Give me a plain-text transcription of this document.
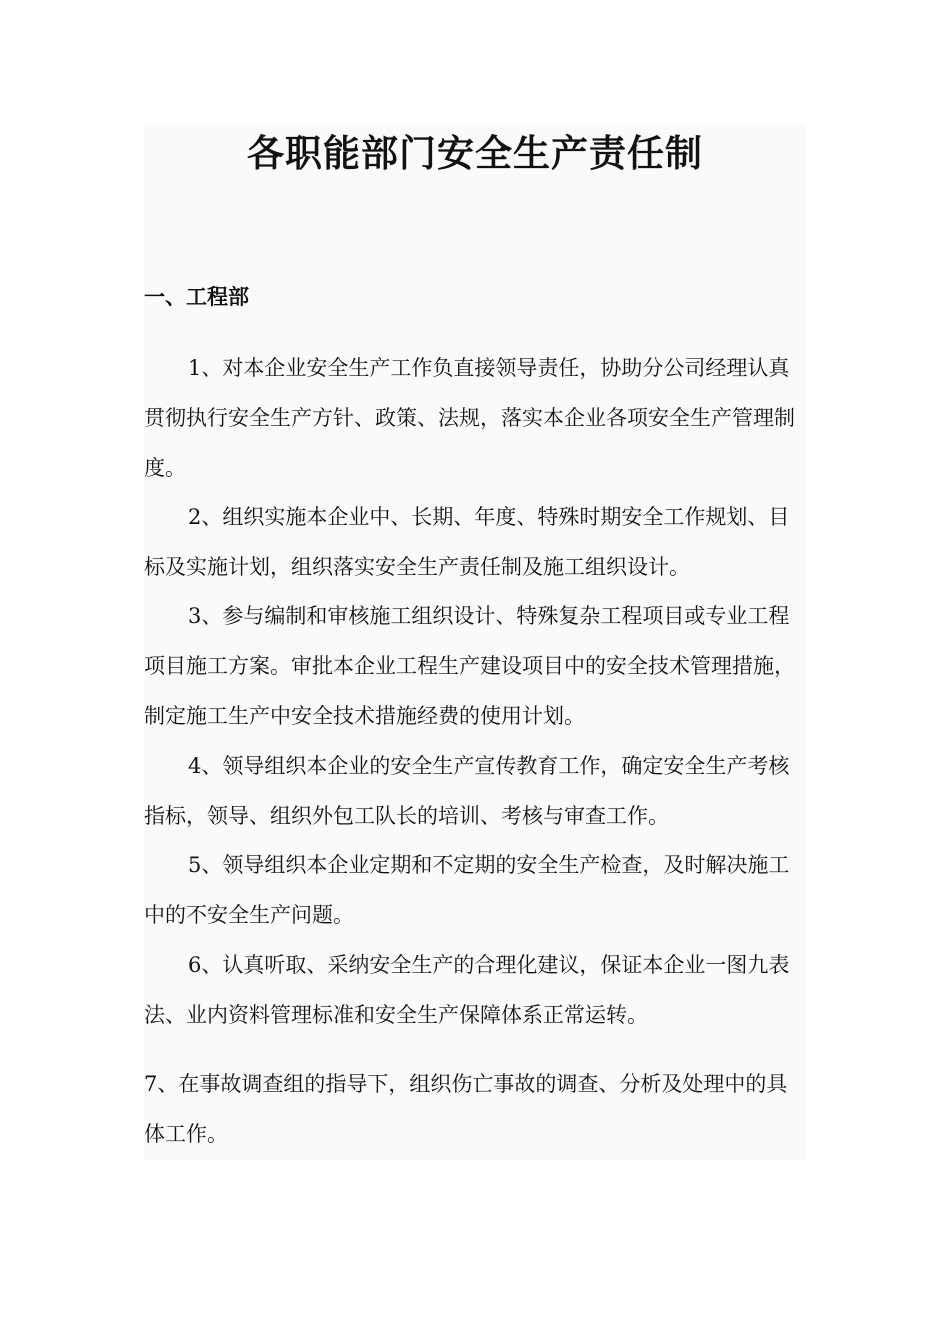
各职能部门安全生产责任制
一、工程部

1、对本企业安全生产工作负直接领导责任，协助分公司经理认真贯彻执行安全生产方针、政策、法规，落实本企业各项安全生产管理制度。

2、组织实施本企业中、长期、年度、特殊时期安全工作规划、目标及实施计划，组织落实安全生产责任制及施工组织设计。

3、参与编制和审核施工组织设计、特殊复杂工程项目或专业工程项目施工方案。审批本企业工程生产建设项目中的安全技术管理措施，制定施工生产中安全技术措施经费的使用计划。

4、领导组织本企业的安全生产宣传教育工作，确定安全生产考核指标，领导、组织外包工队长的培训、考核与审查工作。

5、领导组织本企业定期和不定期的安全生产检查，及时解决施工中的不安全生产问题。

6、认真听取、采纳安全生产的合理化建议，保证本企业一图九表法、业内资料管理标准和安全生产保障体系正常运转。

7、在事故调查组的指导下，组织伤亡事故的调查、分析及处理中的具体工作。
